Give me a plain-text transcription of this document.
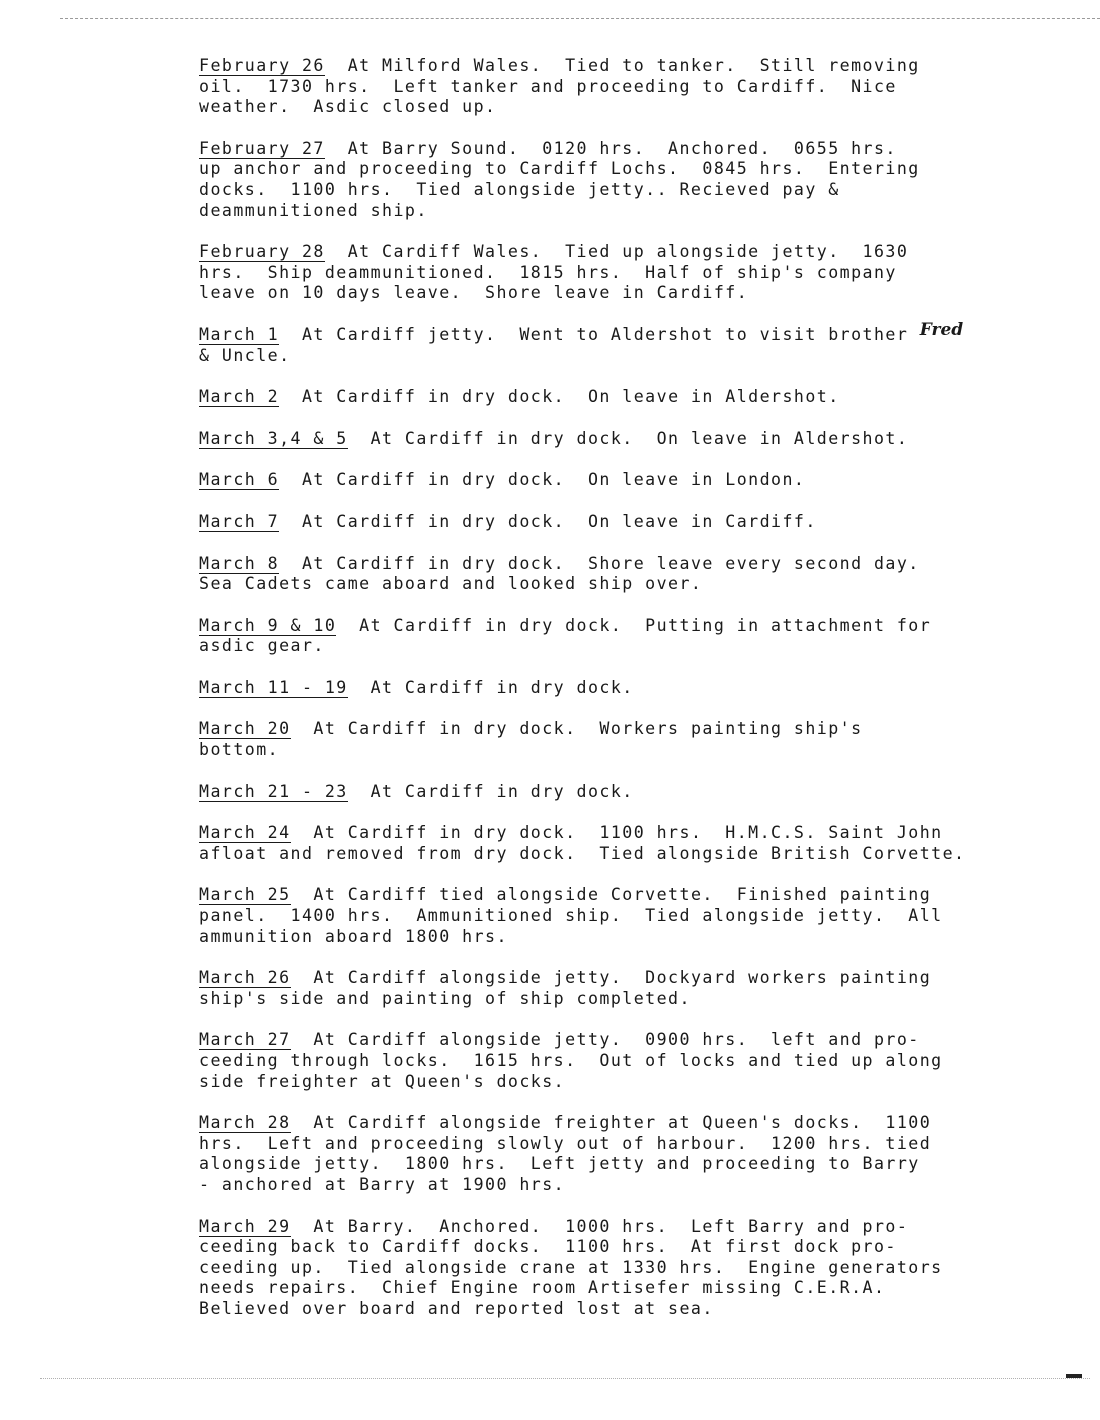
February 26  At Milford Wales.  Tied to tanker.  Still removing

oil.  1730 hrs.  Left tanker and proceeding to Cardiff.  Nice

weather.  Asdic closed up.

February 27  At Barry Sound.  0120 hrs.  Anchored.  0655 hrs.

up anchor and proceeding to Cardiff Lochs.  0845 hrs.  Entering

docks.  1100 hrs.  Tied alongside jetty.. Recieved pay &

deammunitioned ship.

February 28  At Cardiff Wales.  Tied up alongside jetty.  1630

hrs.  Ship deammunitioned.  1815 hrs.  Half of ship's company

leave on 10 days leave.  Shore leave in Cardiff.

March 1  At Cardiff jetty.  Went to Aldershot to visit brother Fred

& Uncle.

March 2  At Cardiff in dry dock.  On leave in Aldershot.

March 3,4 & 5  At Cardiff in dry dock.  On leave in Aldershot.

March 6  At Cardiff in dry dock.  On leave in London.

March 7  At Cardiff in dry dock.  On leave in Cardiff.

March 8  At Cardiff in dry dock.  Shore leave every second day.

Sea Cadets came aboard and looked ship over.

March 9 & 10  At Cardiff in dry dock.  Putting in attachment for

asdic gear.

March 11 - 19  At Cardiff in dry dock.

March 20  At Cardiff in dry dock.  Workers painting ship's

bottom.

March 21 - 23  At Cardiff in dry dock.

March 24  At Cardiff in dry dock.  1100 hrs.  H.M.C.S. Saint John

afloat and removed from dry dock.  Tied alongside British Corvette.

March 25  At Cardiff tied alongside Corvette.  Finished painting

panel.  1400 hrs.  Ammunitioned ship.  Tied alongside jetty.  All

ammunition aboard 1800 hrs.

March 26  At Cardiff alongside jetty.  Dockyard workers painting

ship's side and painting of ship completed.

March 27  At Cardiff alongside jetty.  0900 hrs.  left and pro-

ceeding through locks.  1615 hrs.  Out of locks and tied up along

side freighter at Queen's docks.

March 28  At Cardiff alongside freighter at Queen's docks.  1100

hrs.  Left and proceeding slowly out of harbour.  1200 hrs. tied

alongside jetty.  1800 hrs.  Left jetty and proceeding to Barry

- anchored at Barry at 1900 hrs.

March 29  At Barry.  Anchored.  1000 hrs.  Left Barry and pro-

ceeding back to Cardiff docks.  1100 hrs.  At first dock pro-

ceeding up.  Tied alongside crane at 1330 hrs.  Engine generators

needs repairs.  Chief Engine room Artisefer missing C.E.R.A.

Believed over board and reported lost at sea.
